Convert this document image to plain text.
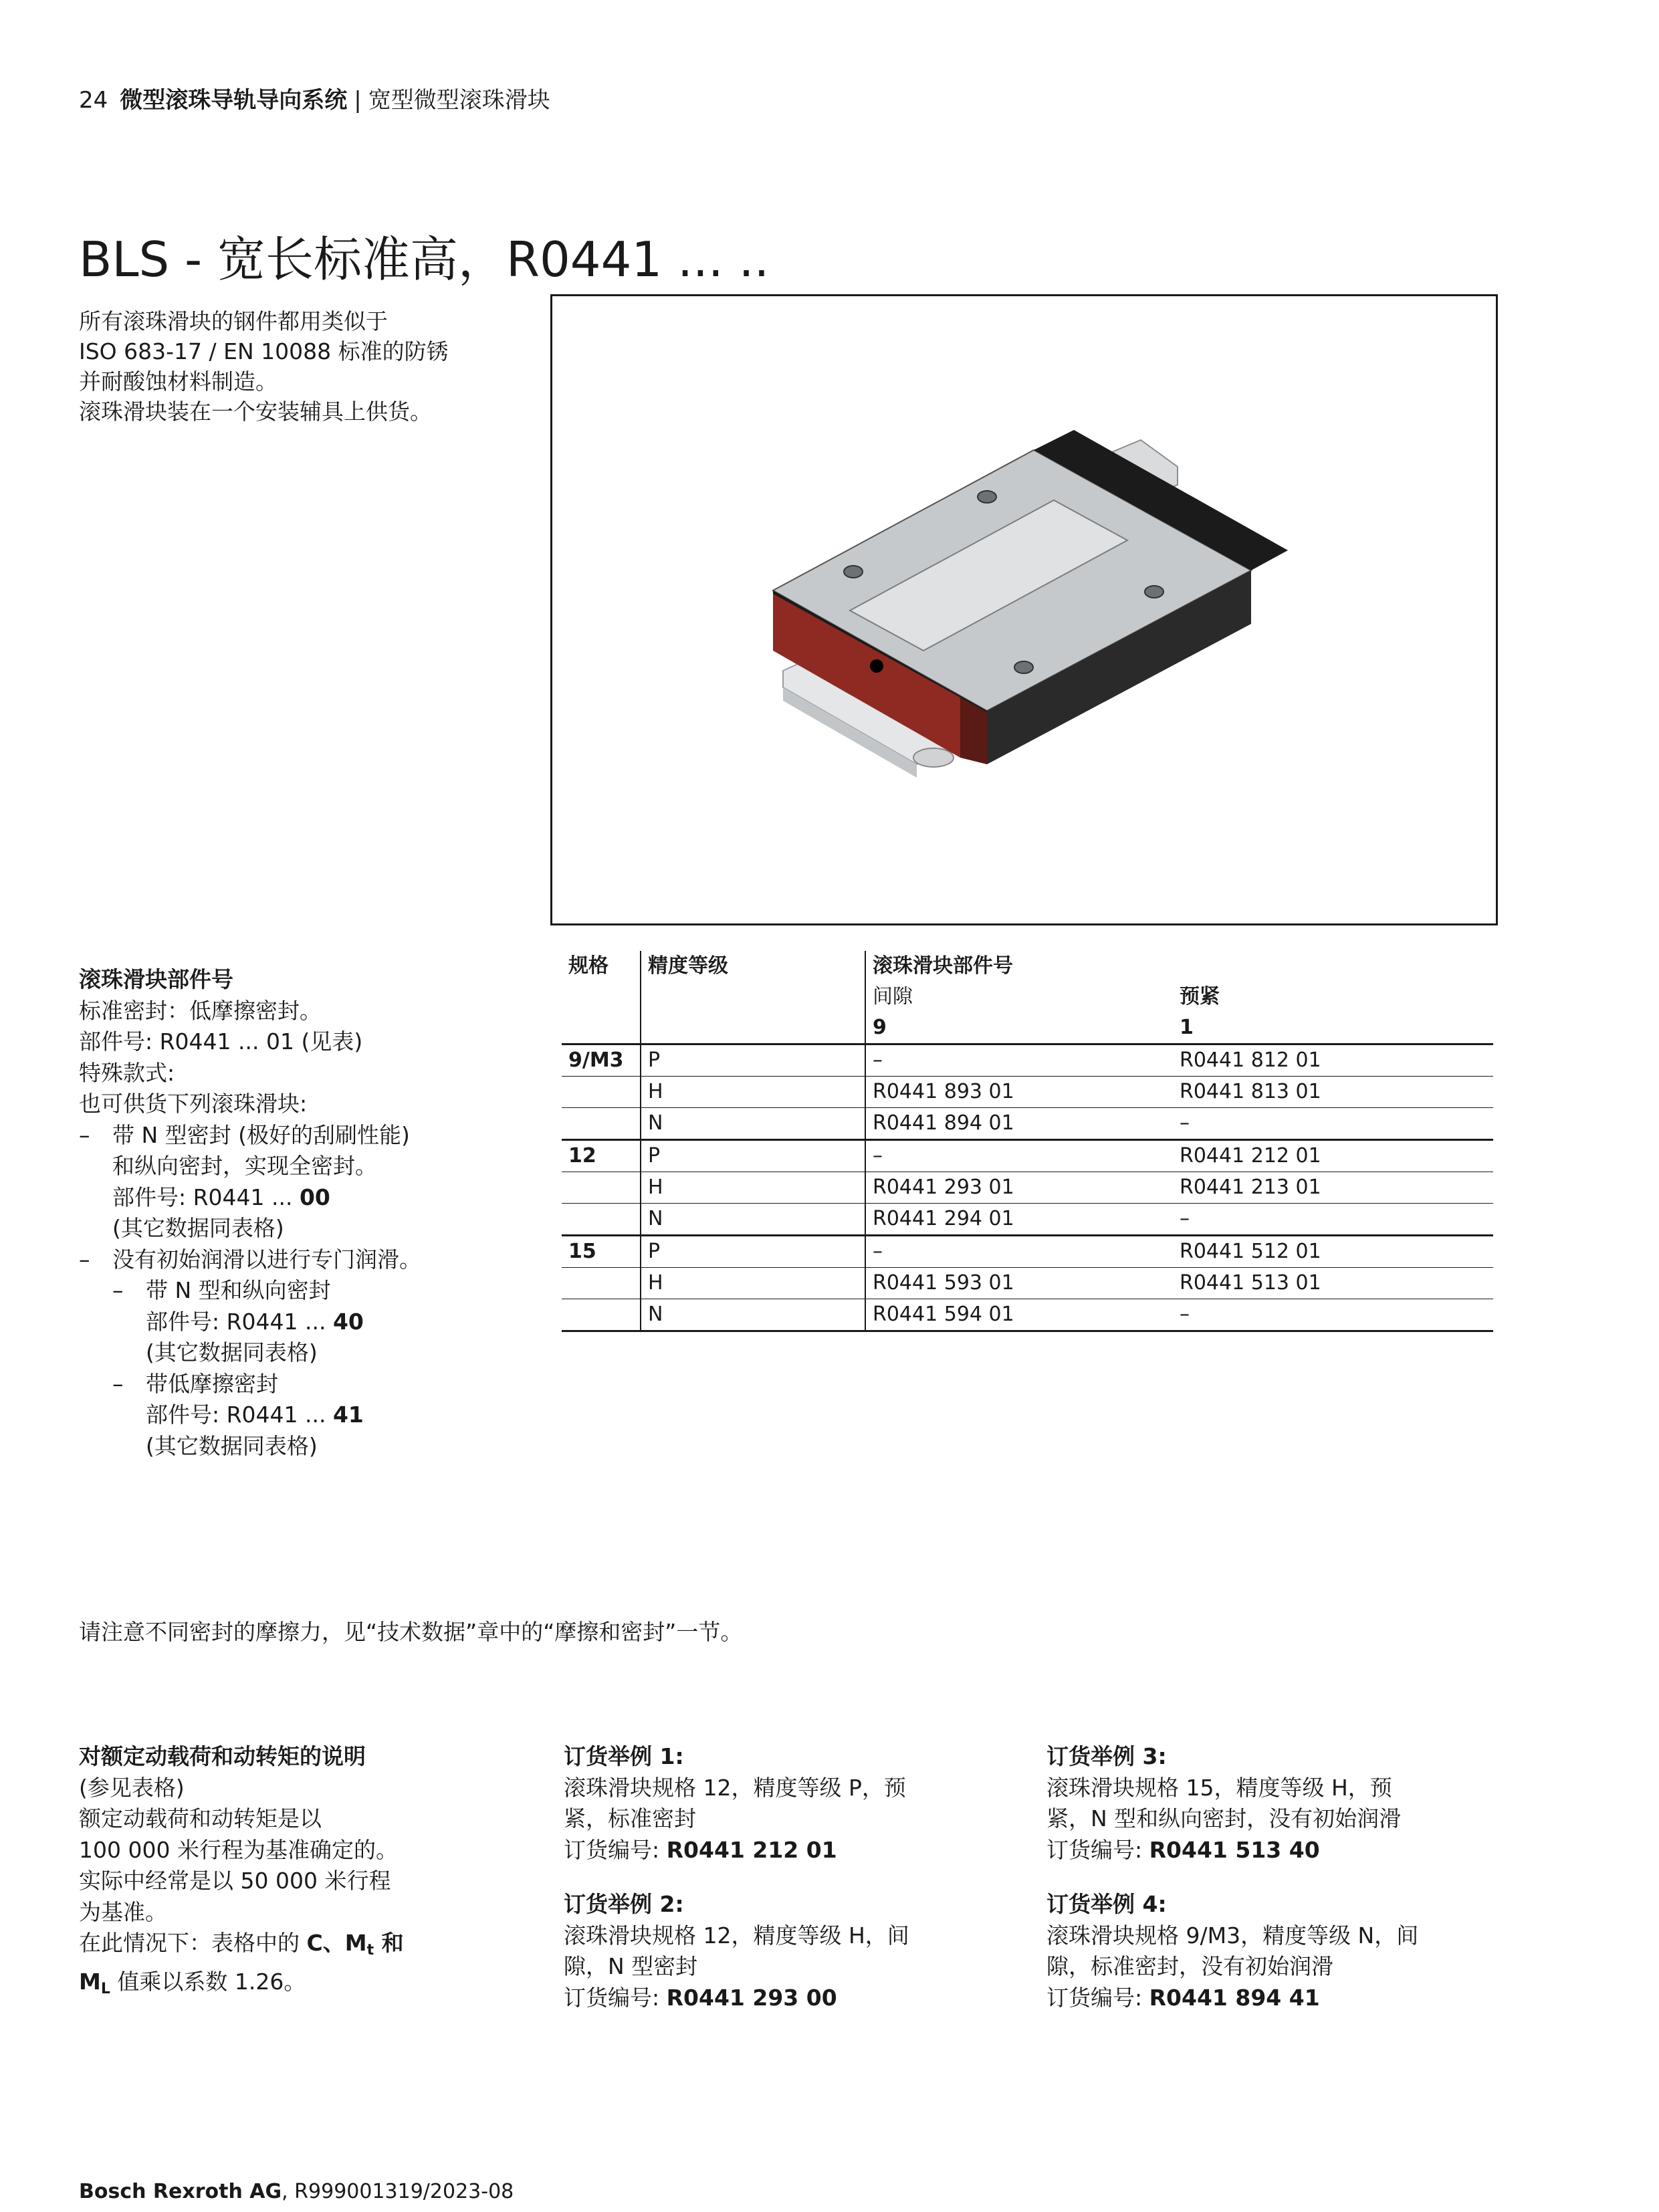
24 微型滚珠导轨导向系统 | 宽型微型滚珠滑块
BLS - 宽长标准高，R0441 ... ..
所有滚珠滑块的钢件都用类似于
ISO 683-17 / EN 10088 标准的防锈
并耐酸蚀材料制造。
滚珠滑块装在一个安装辅具上供货。
滚珠滑块部件号
标准密封：低摩擦密封。
部件号: R0441 ... 01 (见表)
特殊款式:
也可供货下列滚珠滑块:
– 带 N 型密封 (极好的刮刷性能)
和纵向密封，实现全密封。
部件号: R0441 ... 00
(其它数据同表格)
– 没有初始润滑以进行专门润滑。
– 带 N 型和纵向密封
部件号: R0441 ... 40
(其它数据同表格)
– 带低摩擦密封
部件号: R0441 ... 41
(其它数据同表格)
规格	精度等级	滚珠滑块部件号	
		间隙	预紧
		9	1
9/M3	P	–	R0441 812 01
	H	R0441 893 01	R0441 813 01
	N	R0441 894 01	–
12	P	–	R0441 212 01
	H	R0441 293 01	R0441 213 01
	N	R0441 294 01	–
15	P	–	R0441 512 01
	H	R0441 593 01	R0441 513 01
	N	R0441 594 01	–
请注意不同密封的摩擦力，见“技术数据”章中的“摩擦和密封”一节。
对额定动载荷和动转矩的说明
(参见表格)
额定动载荷和动转矩是以
100 000 米行程为基准确定的。
实际中经常是以 50 000 米行程
为基准。
在此情况下：表格中的 C、$M_t$ 和
$M_L$ 值乘以系数 1.26。
订货举例 1:
滚珠滑块规格 12，精度等级 P，预
紧，标准密封
订货编号: R0441 212 01
订货举例 2:
滚珠滑块规格 12，精度等级 H，间
隙，N 型密封
订货编号: R0441 293 00
订货举例 3:
滚珠滑块规格 15，精度等级 H，预
紧，N 型和纵向密封，没有初始润滑
订货编号: R0441 513 40
订货举例 4:
滚珠滑块规格 9/M3，精度等级 N，间
隙，标准密封，没有初始润滑
订货编号: R0441 894 41
Bosch Rexroth AG, R999001319/2023-08
